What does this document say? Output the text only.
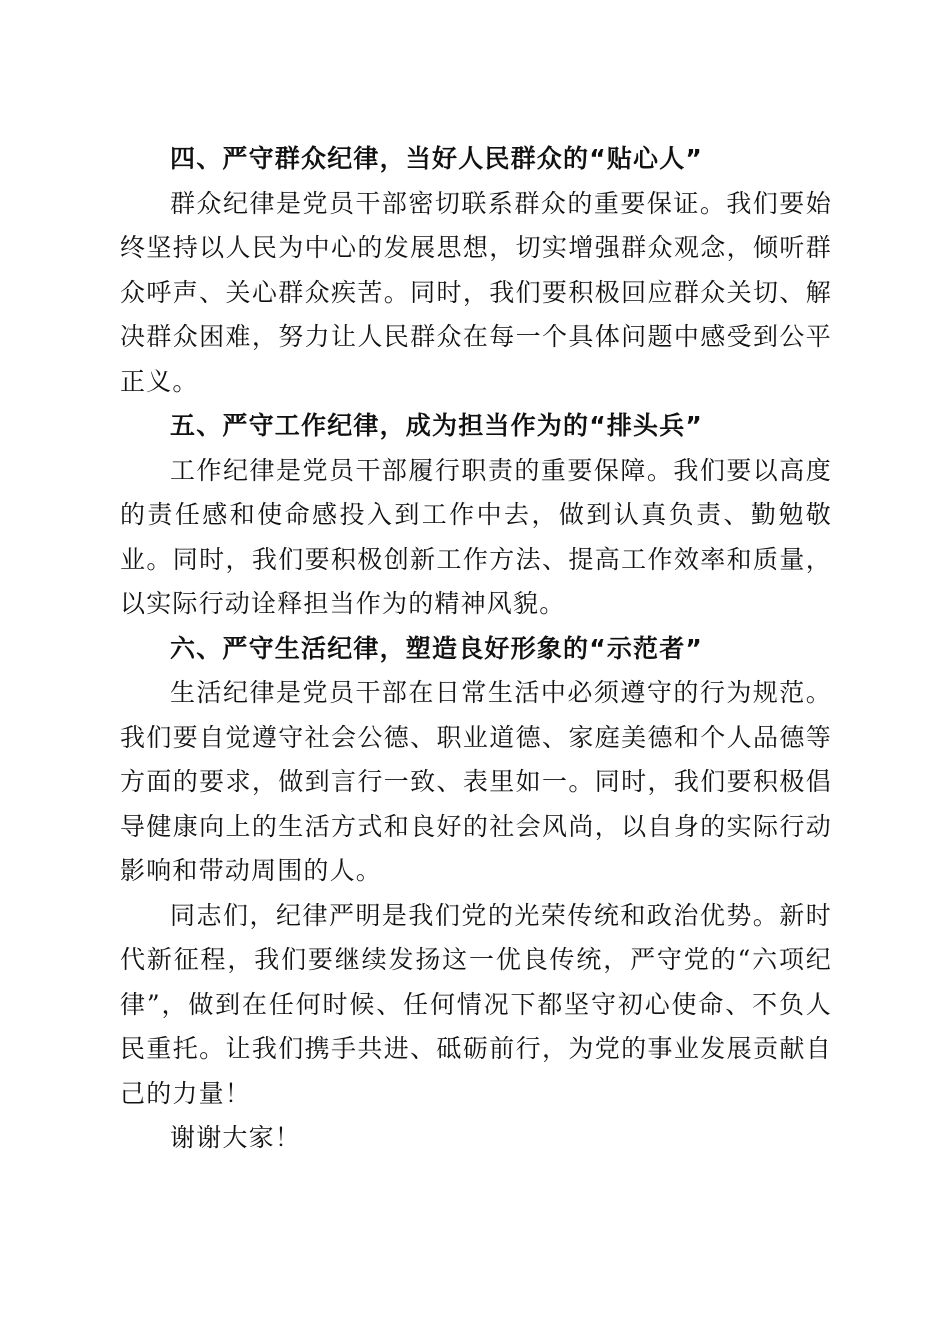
四、严守群众纪律，当好人民群众的“贴心人”

群众纪律是党员干部密切联系群众的重要保证。我们要始终坚持以人民为中心的发展思想，切实增强群众观念，倾听群众呼声、关心群众疾苦。同时，我们要积极回应群众关切、解决群众困难，努力让人民群众在每一个具体问题中感受到公平正义。

五、严守工作纪律，成为担当作为的“排头兵”

工作纪律是党员干部履行职责的重要保障。我们要以高度的责任感和使命感投入到工作中去，做到认真负责、勤勉敬业。同时，我们要积极创新工作方法、提高工作效率和质量，以实际行动诠释担当作为的精神风貌。

六、严守生活纪律，塑造良好形象的“示范者”

生活纪律是党员干部在日常生活中必须遵守的行为规范。我们要自觉遵守社会公德、职业道德、家庭美德和个人品德等方面的要求，做到言行一致、表里如一。同时，我们要积极倡导健康向上的生活方式和良好的社会风尚，以自身的实际行动影响和带动周围的人。

同志们，纪律严明是我们党的光荣传统和政治优势。新时代新征程，我们要继续发扬这一优良传统，严守党的“六项纪律”，做到在任何时候、任何情况下都坚守初心使命、不负人民重托。让我们携手共进、砥砺前行，为党的事业发展贡献自己的力量！

谢谢大家！
